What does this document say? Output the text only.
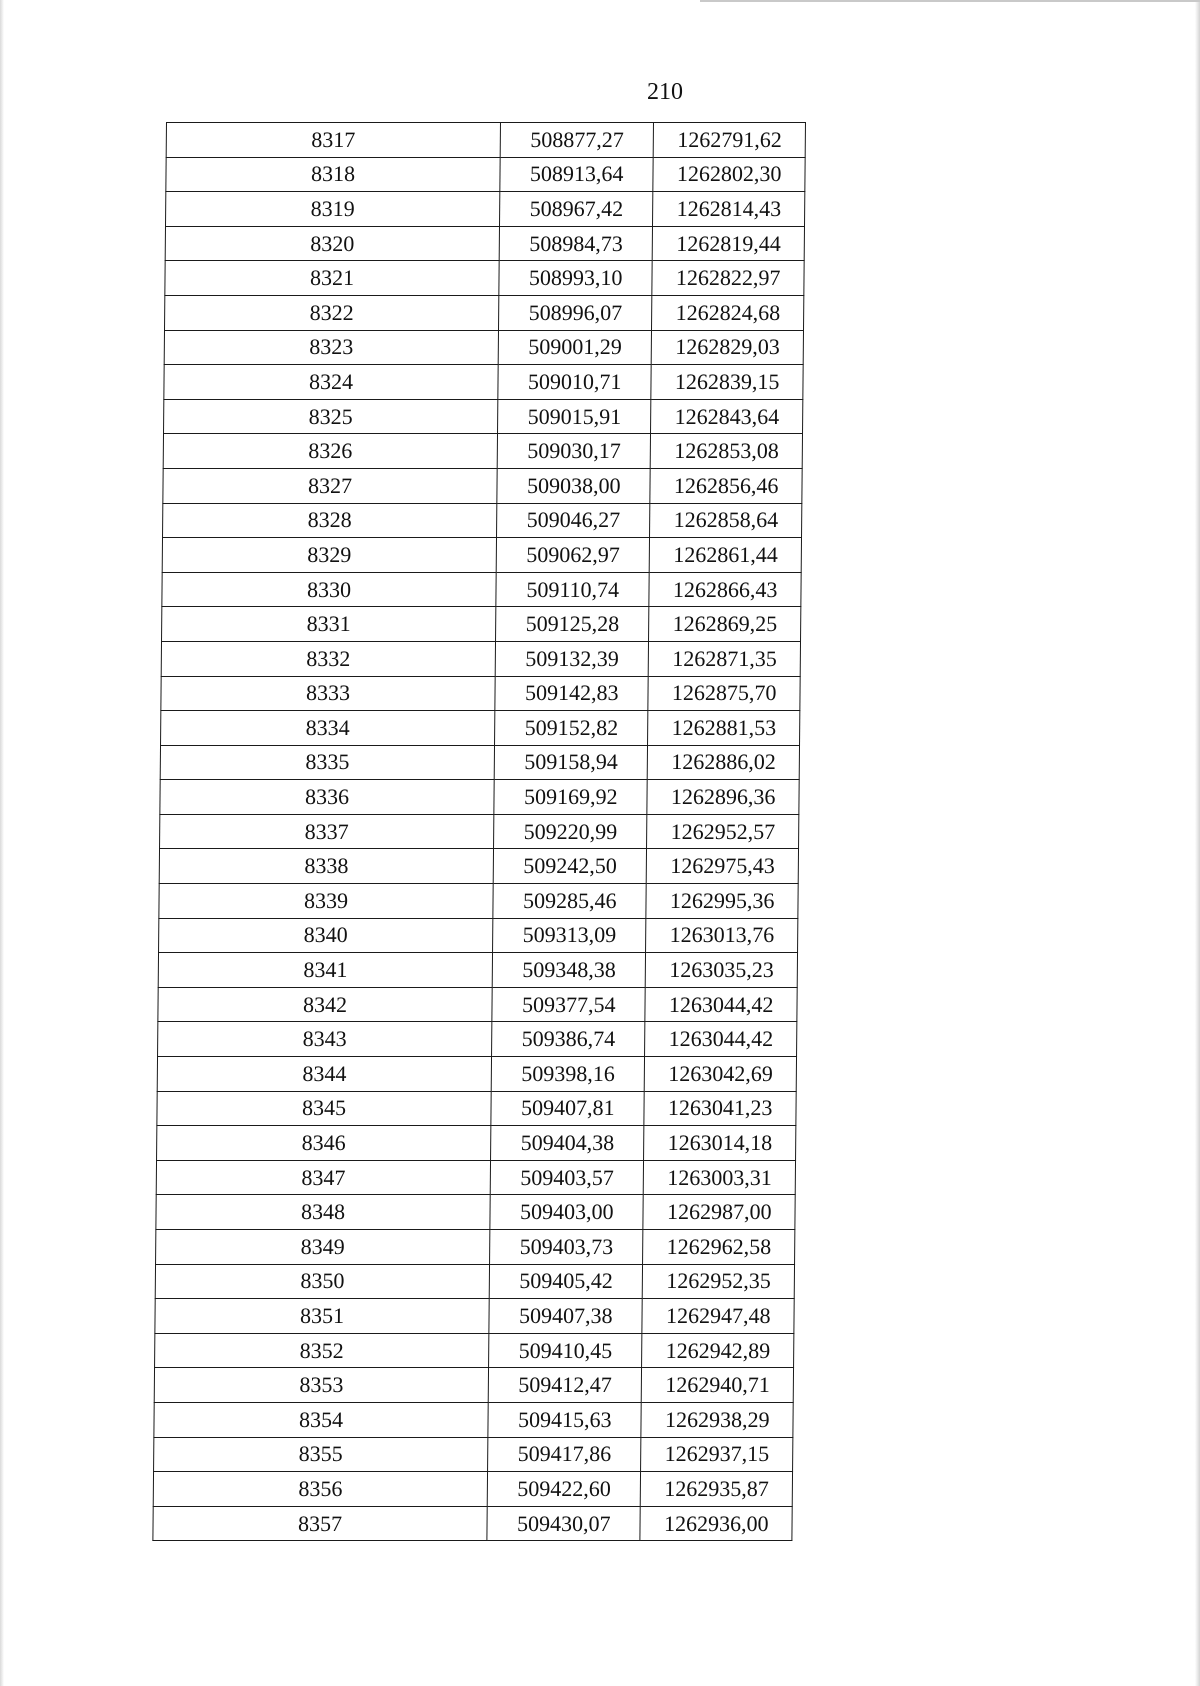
210
8317	508877,27	1262791,62
8318	508913,64	1262802,30
8319	508967,42	1262814,43
8320	508984,73	1262819,44
8321	508993,10	1262822,97
8322	508996,07	1262824,68
8323	509001,29	1262829,03
8324	509010,71	1262839,15
8325	509015,91	1262843,64
8326	509030,17	1262853,08
8327	509038,00	1262856,46
8328	509046,27	1262858,64
8329	509062,97	1262861,44
8330	509110,74	1262866,43
8331	509125,28	1262869,25
8332	509132,39	1262871,35
8333	509142,83	1262875,70
8334	509152,82	1262881,53
8335	509158,94	1262886,02
8336	509169,92	1262896,36
8337	509220,99	1262952,57
8338	509242,50	1262975,43
8339	509285,46	1262995,36
8340	509313,09	1263013,76
8341	509348,38	1263035,23
8342	509377,54	1263044,42
8343	509386,74	1263044,42
8344	509398,16	1263042,69
8345	509407,81	1263041,23
8346	509404,38	1263014,18
8347	509403,57	1263003,31
8348	509403,00	1262987,00
8349	509403,73	1262962,58
8350	509405,42	1262952,35
8351	509407,38	1262947,48
8352	509410,45	1262942,89
8353	509412,47	1262940,71
8354	509415,63	1262938,29
8355	509417,86	1262937,15
8356	509422,60	1262935,87
8357	509430,07	1262936,00
